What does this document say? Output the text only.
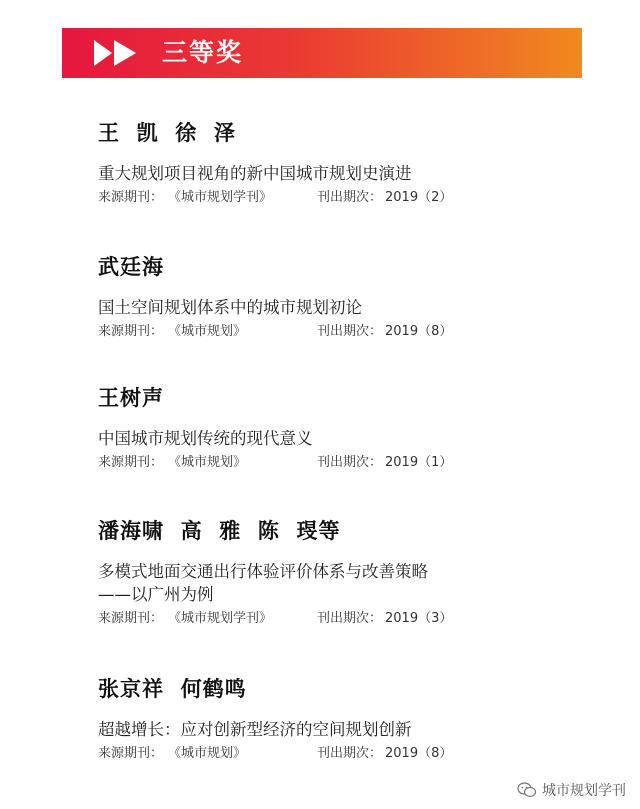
三等奖
王  凯  徐  泽
重大规划项目视角的新中国城市规划史演进
来源期刊： 《城市规划学刊》	刊出期次： 2019（2）
武廷海
国土空间规划体系中的城市规划初论
来源期刊： 《城市规划》	刊出期次： 2019（8）
王树声
中国城市规划传统的现代意义
来源期刊： 《城市规划》	刊出期次： 2019（1）
潘海啸  高  雅  陈  琝等
多模式地面交通出行体验评价体系与改善策略
——以广州为例
来源期刊： 《城市规划学刊》	刊出期次： 2019（3）
张京祥  何鹤鸣
超越增长：应对创新型经济的空间规划创新
来源期刊： 《城市规划》	刊出期次： 2019（8）
城市规划学刊
